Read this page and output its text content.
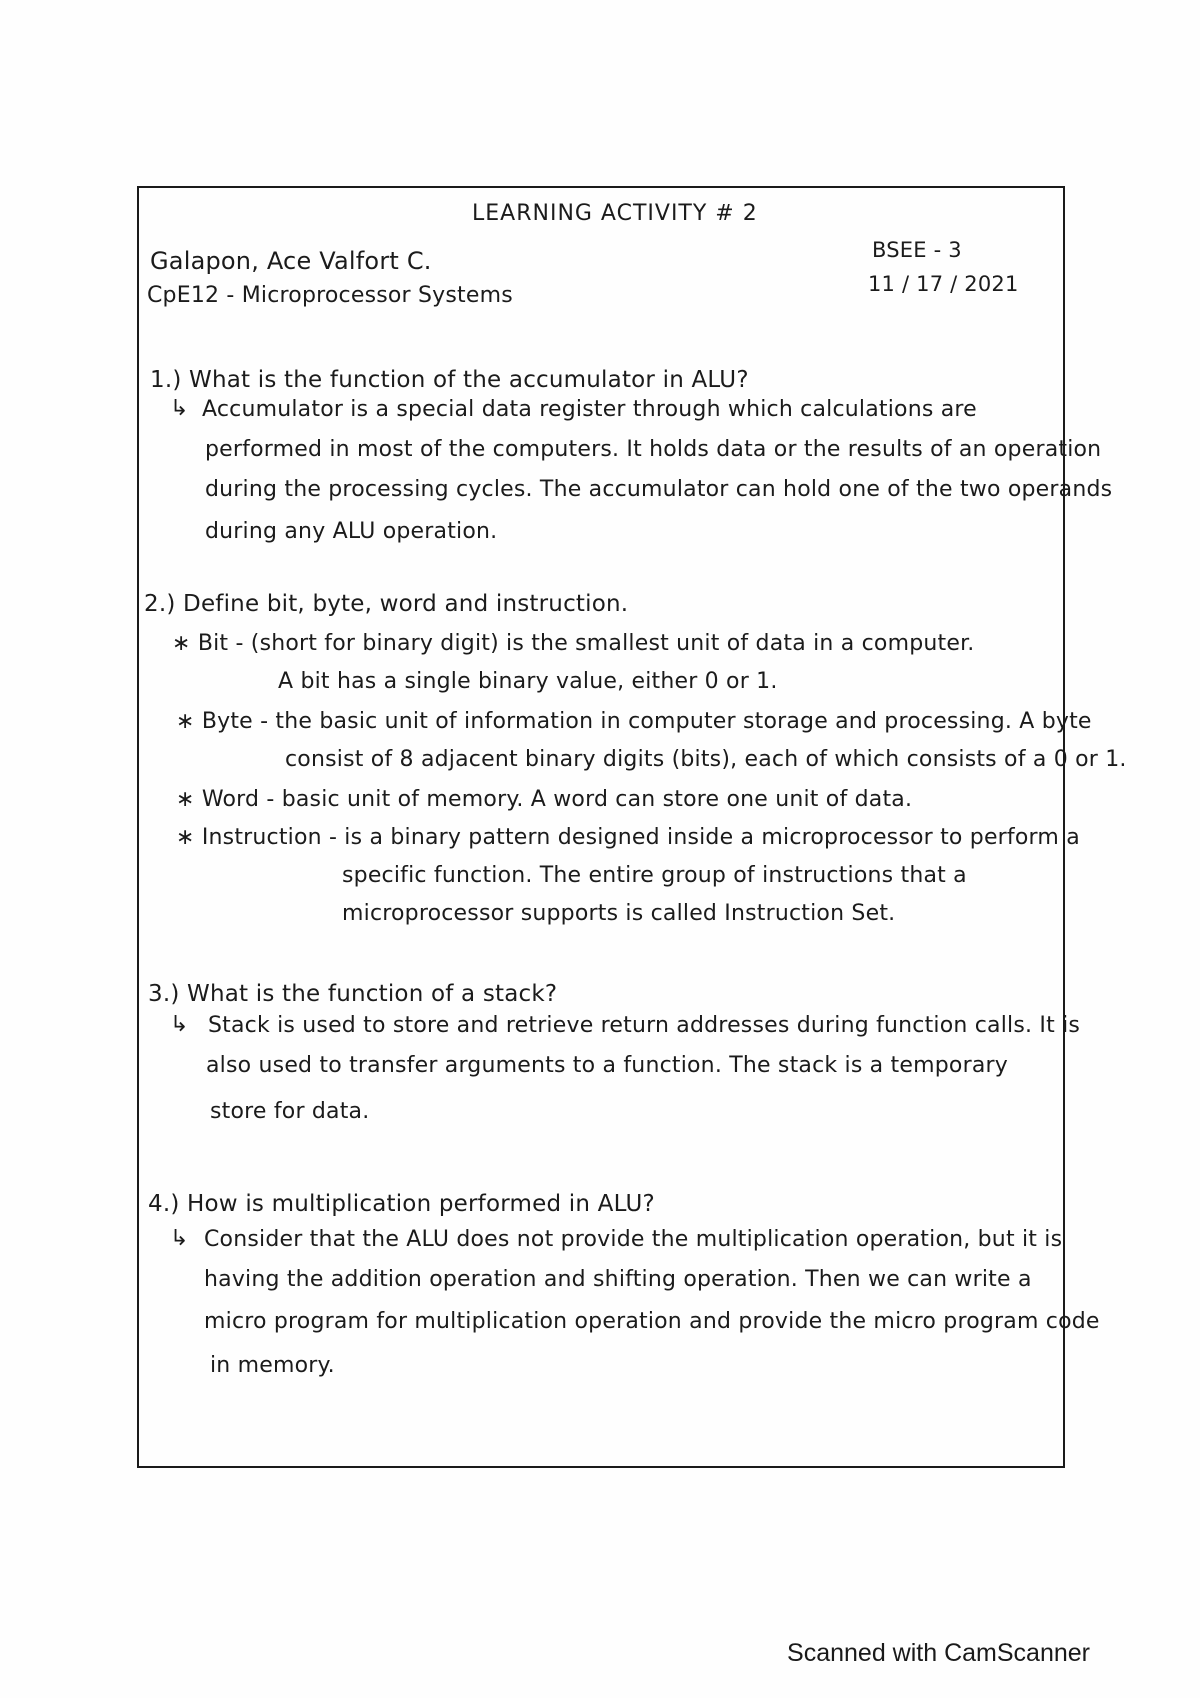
LEARNING ACTIVITY # 2
Galapon, Ace Valfort C.
CpE12 - Microprocessor Systems
BSEE - 3
11 / 17 / 2021
1.) What is the function of the accumulator in ALU?
↳ Accumulator is a special data register through which calculations are
performed in most of the computers. It holds data or the results of an operation
during the processing cycles. The accumulator can hold one of the two operands
during any ALU operation.
2.) Define bit, byte, word and instruction.
∗ Bit - (short for binary digit) is the smallest unit of data in a computer.
A bit has a single binary value, either 0 or 1.
∗ Byte - the basic unit of information in computer storage and processing. A byte
consist of 8 adjacent binary digits (bits), each of which consists of a 0 or 1.
∗ Word - basic unit of memory. A word can store one unit of data.
∗ Instruction - is a binary pattern designed inside a microprocessor to perform a
specific function. The entire group of instructions that a
microprocessor supports is called Instruction Set.
3.) What is the function of a stack?
↳ Stack is used to store and retrieve return addresses during function calls. It is
also used to transfer arguments to a function. The stack is a temporary
store for data.
4.) How is multiplication performed in ALU?
↳ Consider that the ALU does not provide the multiplication operation, but it is
having the addition operation and shifting operation. Then we can write a
micro program for multiplication operation and provide the micro program code
in memory.
Scanned with CamScanner
